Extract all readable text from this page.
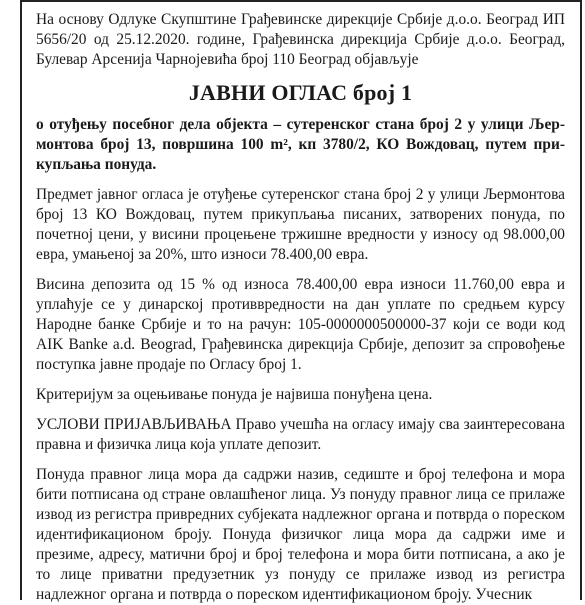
На основу Одлуке Скупштине Грађевинске дирекције Србије д.о.о. Београд ИП 5656/20 од 25.12.2020. године, Грађевинска дирекција Србије д.о.о. Београд, Булевар Арсенија Чарнојевића број 110 Београд објављује

ЈАВНИ ОГЛАС број 1

о отуђењу посебног дела објекта – сутеренског стана број 2 у улици Љермонтова број 13, површина 100 m², кп 3780/2, КО Вождовац, путем прикупљања понуда.

Предмет јавног огласа је отуђење сутеренског стана број 2 у улици Љермонтова број 13 КО Вождовац, путем прикупљања писаних, затворених понуда, по почетној цени, у висини процењене тржишне вредности у износу од 98.000,00 евра, умањеној за 20%, што износи 78.400,00 евра.

Висина депозита од 15 % од износа 78.400,00 евра износи 11.760,00 евра и уплаћује се у динарској противвредности на дан уплате по средњем курсу Народне банке Србије и то на рачун: 105-0000000500000-37 који се води код AIK Banke a.d. Beograd, Грађевинска дирекција Србије, депозит за спровођење поступка јавне продаје по Огласу број 1.

Критеријум за оцењивање понуда је највиша понуђена цена.

УСЛОВИ ПРИЈАВЉИВАЊА Право учешћа на огласу имају сва заинтересована правна и физичка лица која уплате депозит.

Понуда правног лица мора да садржи назив, седиште и број телефона и мора бити потписана од стране овлашћеног лица. Уз понуду правног лица се прилаже извод из регистра привредних субјеката надлежног органа и потврда о пореском идентификационом броју. Понуда физичког лица мора да садржи име и презиме, адресу, матични број и број телефона и мора бити потписана, а ако је то лице приватни предузетник уз понуду се прилаже извод из регистра надлежног органа и потврда о пореском идентификационом броју. Учесник
